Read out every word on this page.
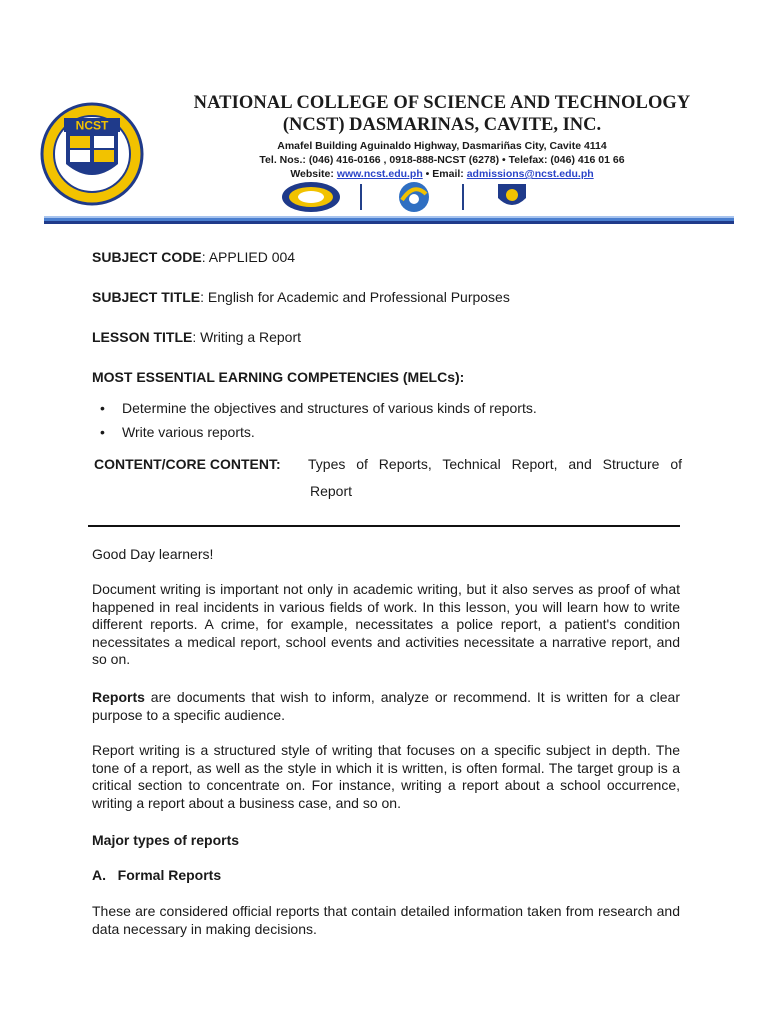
NCST
NATIONAL COLLEGE OF SCIENCE AND TECHNOLOGY
(NCST) DASMARINAS, CAVITE, INC.
Amafel Building Aguinaldo Highway, Dasmariñas City, Cavite 4114
Tel. Nos.: (046) 416-0166 , 0918-888-NCST (6278) • Telefax: (046) 416 01 66
Website: www.ncst.edu.ph • Email: admissions@ncst.edu.ph
SUBJECT CODE: APPLIED 004
SUBJECT TITLE: English for Academic and Professional Purposes
LESSON TITLE: Writing a Report
MOST ESSENTIAL EARNING COMPETENCIES (MELCs):
• Determine the objectives and structures of various kinds of reports.
• Write various reports.
CONTENT/CORE CONTENT: Types of Reports, Technical Report, and Structure of
Report
Good Day learners!
Document writing is important not only in academic writing, but it also serves as proof of what happened in real incidents in various fields of work. In this lesson, you will learn how to write different reports. A crime, for example, necessitates a police report, a patient's condition necessitates a medical report, school events and activities necessitate a narrative report, and so on.
Reports are documents that wish to inform, analyze or recommend. It is written for a clear purpose to a specific audience.
Report writing is a structured style of writing that focuses on a specific subject in depth. The tone of a report, as well as the style in which it is written, is often formal. The target group is a critical section to concentrate on. For instance, writing a report about a school occurrence, writing a report about a business case, and so on.
Major types of reports
A.   Formal Reports
These are considered official reports that contain detailed information taken from research and data necessary in making decisions.
